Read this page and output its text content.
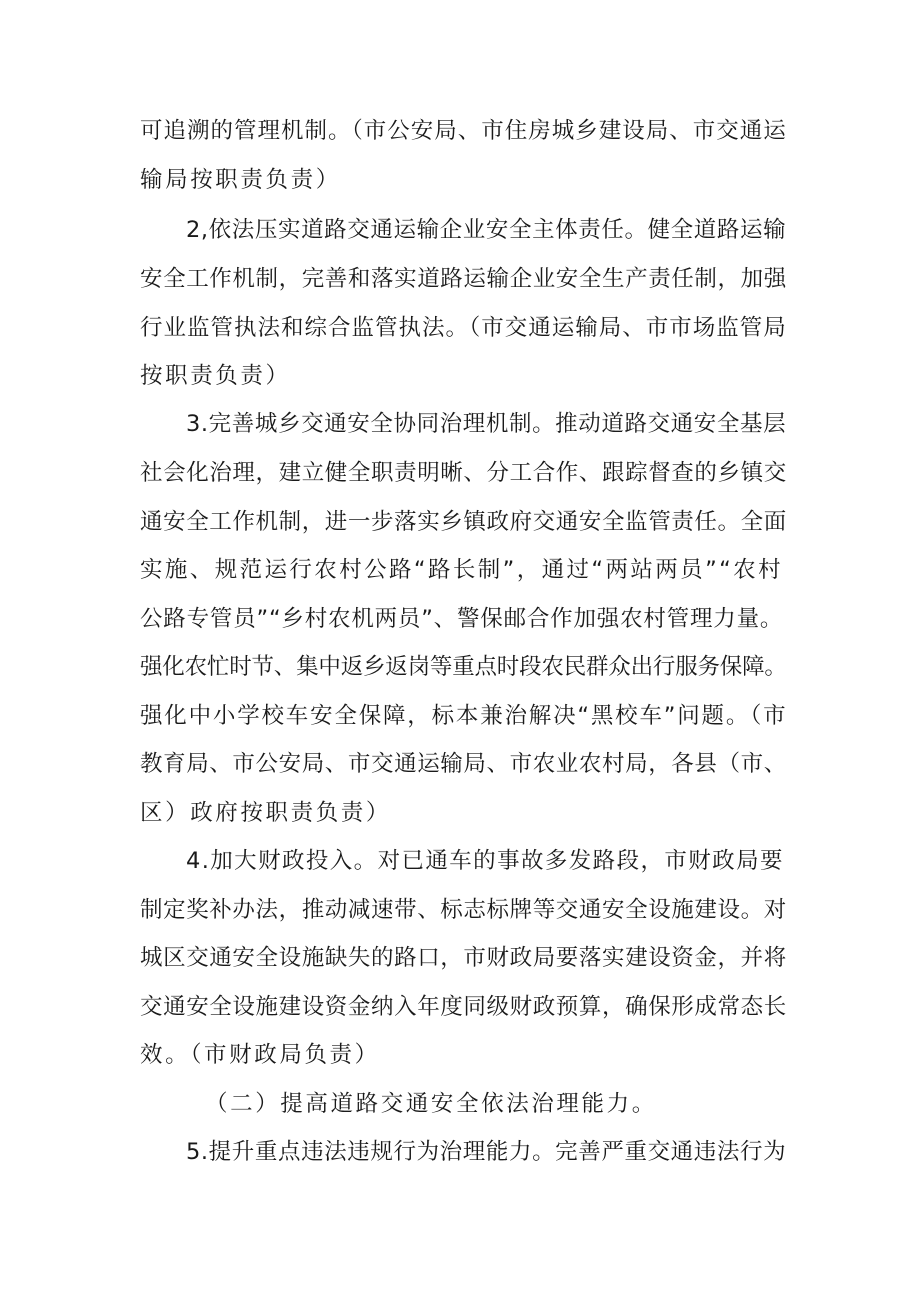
可追溯的管理机制。（市公安局、市住房城乡建设局、市交通运
输局按职责负责）
2,依法压实道路交通运输企业安全主体责任。健全道路运输
安全工作机制，完善和落实道路运输企业安全生产责任制，加强
行业监管执法和综合监管执法。（市交通运输局、市市场监管局
按职责负责）
3.完善城乡交通安全协同治理机制。推动道路交通安全基层
社会化治理，建立健全职责明晰、分工合作、跟踪督查的乡镇交
通安全工作机制，进一步落实乡镇政府交通安全监管责任。全面
实施、规范运行农村公路“路长制”，通过“两站两员”“农村
公路专管员”“乡村农机两员”、警保邮合作加强农村管理力量。
强化农忙时节、集中返乡返岗等重点时段农民群众出行服务保障。
强化中小学校车安全保障，标本兼治解决“黑校车”问题。（市
教育局、市公安局、市交通运输局、市农业农村局，各县（市、
区）政府按职责负责）
4.加大财政投入。对已通车的事故多发路段，市财政局要
制定奖补办法，推动减速带、标志标牌等交通安全设施建设。对
城区交通安全设施缺失的路口，市财政局要落实建设资金，并将
交通安全设施建设资金纳入年度同级财政预算，确保形成常态长
效。（市财政局负责）
（二）提高道路交通安全依法治理能力。
5.提升重点违法违规行为治理能力。完善严重交通违法行为
